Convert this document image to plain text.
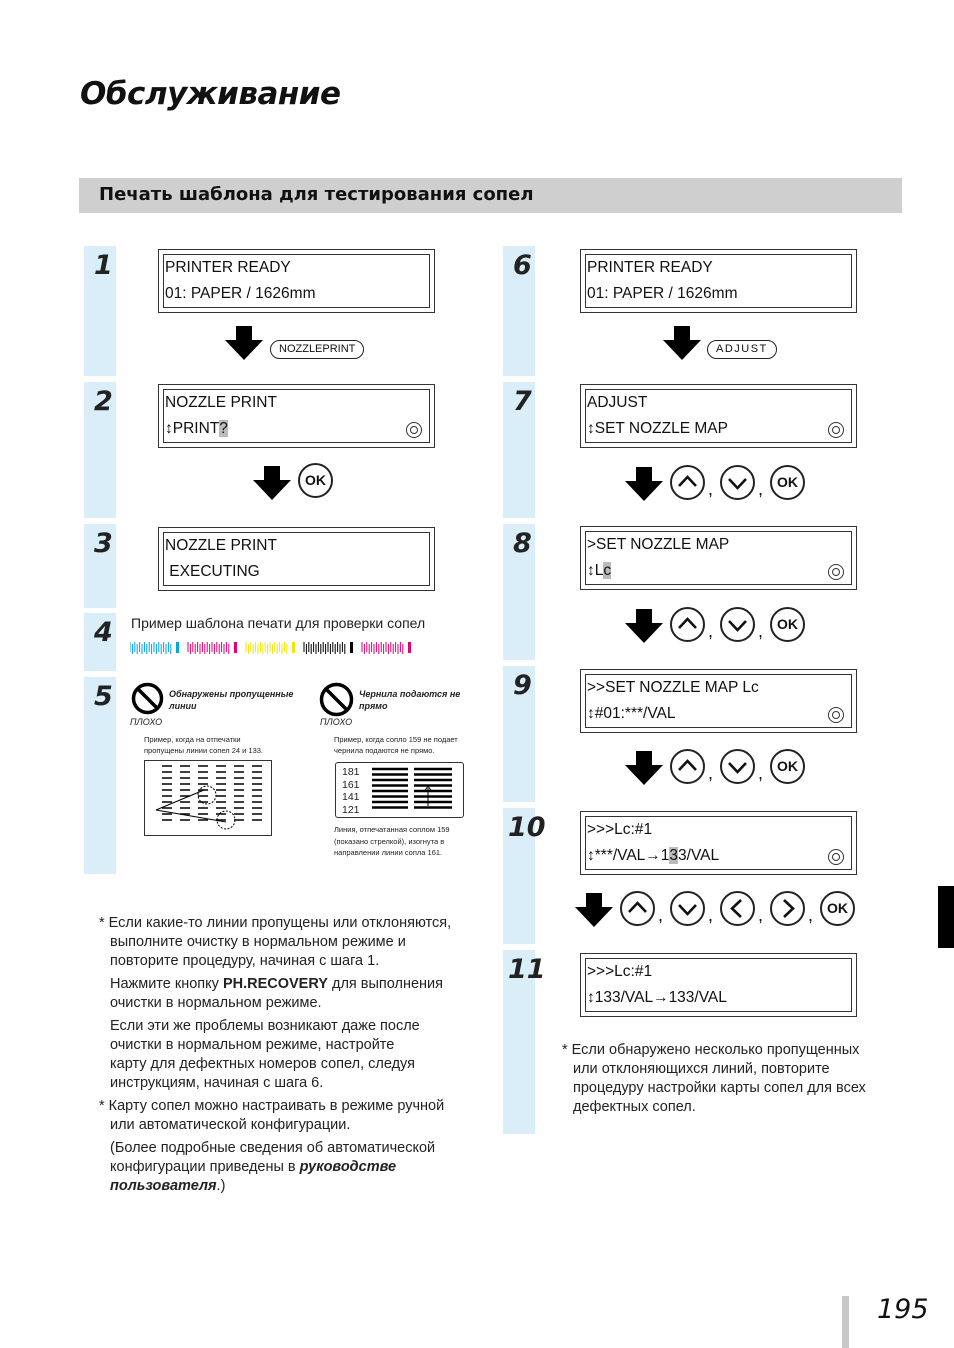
Обслуживание
Печать шаблона для тестирования сопел
1
2
3
4
5
PRINTER READY
01: PAPER / 1626mm
NOZZLEPRINT
NOZZLE PRINT
↕PRINT?
OK
NOZZLE PRINT
EXECUTING
Пример шаблона печати для проверки сопел
Обнаружены пропущенные линии
ПЛОХО
Пример, когда на отпечатки пропущены линии сопел 24 и 133.
Чернила подаются не прямо
ПЛОХО
Пример, когда сопло 159 не подает чернила подаются не прямо.
181
161
141
121
Линия, отпечатанная соплом 159 (показано стрелкой), изогнута в направлении линии сопла 161.
* Если какие-то линии пропущены или отклоняются,
выполните очистку в нормальном режиме и
повторите процедуру, начиная с шага 1.
Нажмите кнопку PH.RECOVERY для выполнения
очистки в нормальном режиме.
Если эти же проблемы возникают даже после
очистки в нормальном режиме, настройте
карту для дефектных номеров сопел, следуя
инструкциям, начиная с шага 6.
* Карту сопел можно настраивать в режиме ручной
или автоматической конфигурации.
(Более подробные сведения об автоматической
конфигурации приведены в руководстве
пользователя.)
6
7
8
9
10
11
PRINTER READY
01: PAPER / 1626mm
ADJUST
ADJUST
↕SET NOZZLE MAP
>SET NOZZLE MAP
↕Lc
>>SET NOZZLE MAP Lc
↕#01:***/VAL
>>>Lc:#1
↕***/VAL→133/VAL
>>>Lc:#1
↕133/VAL→133/VAL
, , OK
, , OK
, , OK
, , , , OK
* Если обнаружено несколько пропущенных
или отклоняющихся линий, повторите
процедуру настройки карты сопел для всех
дефектных сопел.
195
